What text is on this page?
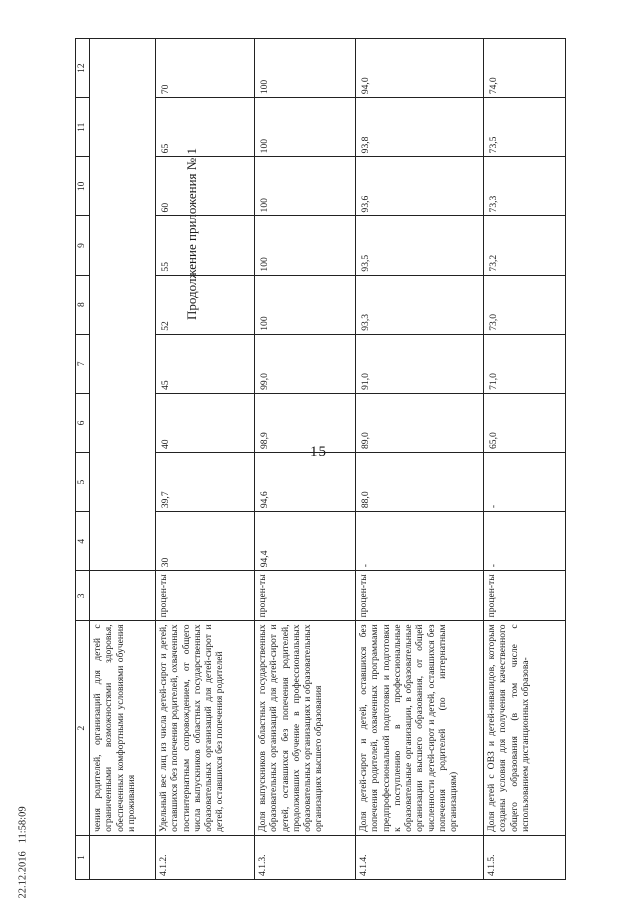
15
Продолжение приложения № 1
22.12.2016   11:58:09
1	2	3	4	5	6	7	8	9	10	11	12
	чения родителей, организаций для детей с ограниченными возможностями здоровья, обеспеченных комфортными условиями обучения и проживания										
4.1.2.	Удельный вес лиц из числа детей-сирот и детей, оставшихся без попечения родителей, охваченных постинтернатным сопровождением, от общего числа выпускников областных государственных образовательных организаций для детей-сирот и детей, оставшихся без попечения родителей	процен-ты	30	39,7	40	45	52	55	60	65	70
4.1.3.	Доля выпускников областных государственных образовательных организаций для детей-сирот и детей, оставшихся без попечения родителей, продолживших обучение в профессиональных образовательных организациях и образовательных организациях высшего образования	процен-ты	94,4	94,6	98,9	99,0	100	100	100	100	100
4.1.4.	Доля детей-сирот и детей, оставшихся без попечения родителей, охваченных программами предпрофессиональной подготовки и подготовки к поступлению в профессиональные образовательные организации, в образовательные организации высшего образования, от общей численности детей-сирот и детей, оставшихся без попечения родителей (по интернатным организациям)	процен-ты	-	88,0	89,0	91,0	93,3	93,5	93,6	93,8	94,0
4.1.5.	Доля детей с ОВЗ и детей-инвалидов, которым созданы условия для получения качественного общего образования (в том числе с использованием дистанционных образова-	процен-ты	-	-	65,0	71,0	73,0	73,2	73,3	73,5	74,0
